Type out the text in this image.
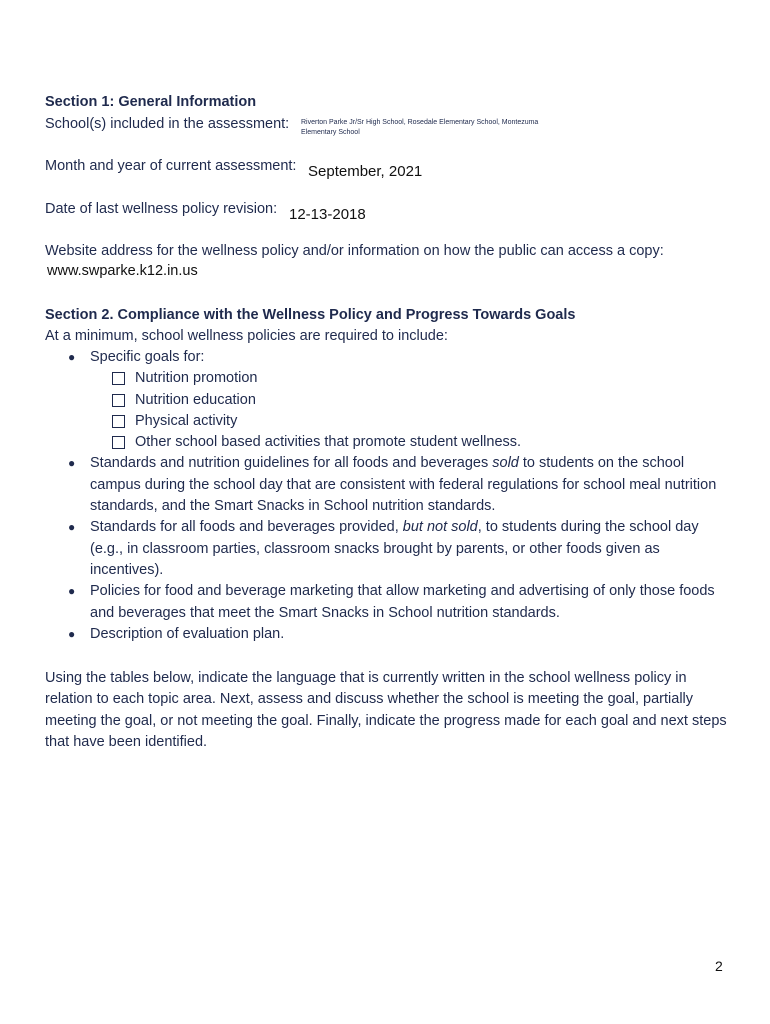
Section 1: General Information
School(s) included in the assessment: Riverton Parke Jr/Sr High School, Rosedale Elementary School, Montezuma
Elementary School
Month and year of current assessment: September, 2021
Date of last wellness policy revision: 12-13-2018
Website address for the wellness policy and/or information on how the public can access a copy:
www.swparke.k12.in.us
Section 2. Compliance with the Wellness Policy and Progress Towards Goals
At a minimum, school wellness policies are required to include:
● Specific goals for:
Nutrition promotion
Nutrition education
Physical activity
Other school based activities that promote student wellness.
● Standards and nutrition guidelines for all foods and beverages sold to students on the school campus during the school day that are consistent with federal regulations for school meal nutrition standards, and the Smart Snacks in School nutrition standards.
● Standards for all foods and beverages provided, but not sold, to students during the school day (e.g., in classroom parties, classroom snacks brought by parents, or other foods given as incentives).
● Policies for food and beverage marketing that allow marketing and advertising of only those foods and beverages that meet the Smart Snacks in School nutrition standards.
● Description of evaluation plan.
Using the tables below, indicate the language that is currently written in the school wellness policy in relation to each topic area. Next, assess and discuss whether the school is meeting the goal, partially meeting the goal, or not meeting the goal. Finally, indicate the progress made for each goal and next steps that have been identified.
2
